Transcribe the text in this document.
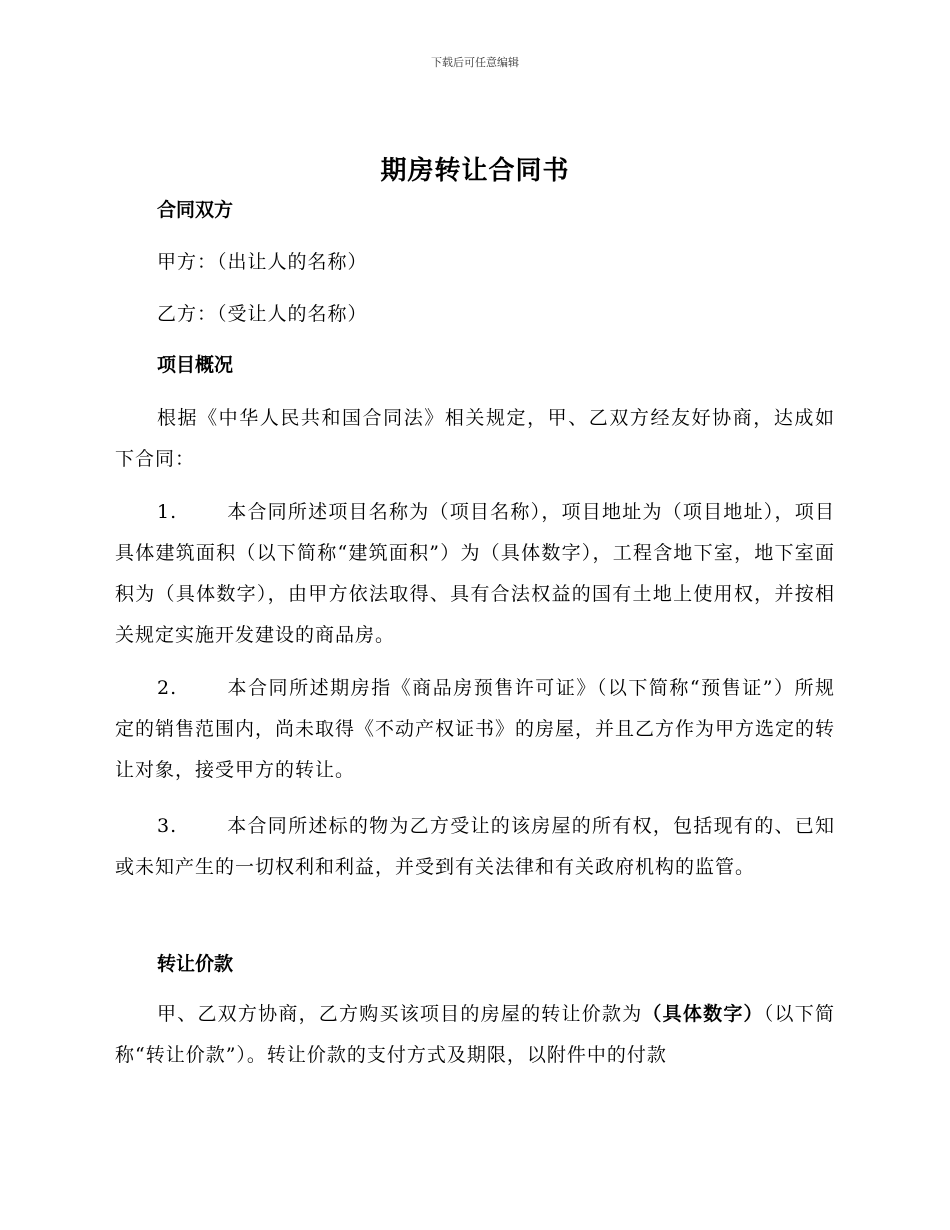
下载后可任意编辑
期房转让合同书
合同双方
甲方：（出让人的名称）
乙方：（受让人的名称）
项目概况
根据《中华人民共和国合同法》相关规定，甲、乙双方经友好协商，达成如下合同：
1.	本合同所述项目名称为（项目名称），项目地址为（项目地址），项目具体建筑面积（以下简称“建筑面积”）为（具体数字），工程含地下室，地下室面积为（具体数字），由甲方依法取得、具有合法权益的国有土地上使用权，并按相关规定实施开发建设的商品房。
2.	本合同所述期房指《商品房预售许可证》（以下简称“预售证”）所规定的销售范围内，尚未取得《不动产权证书》的房屋，并且乙方作为甲方选定的转让对象，接受甲方的转让。
3.	本合同所述标的物为乙方受让的该房屋的所有权，包括现有的、已知或未知产生的一切权利和利益，并受到有关法律和有关政府机构的监管。
转让价款
甲、乙双方协商，乙方购买该项目的房屋的转让价款为（具体数字）（以下简称“转让价款”）。转让价款的支付方式及期限，以附件中的付款
